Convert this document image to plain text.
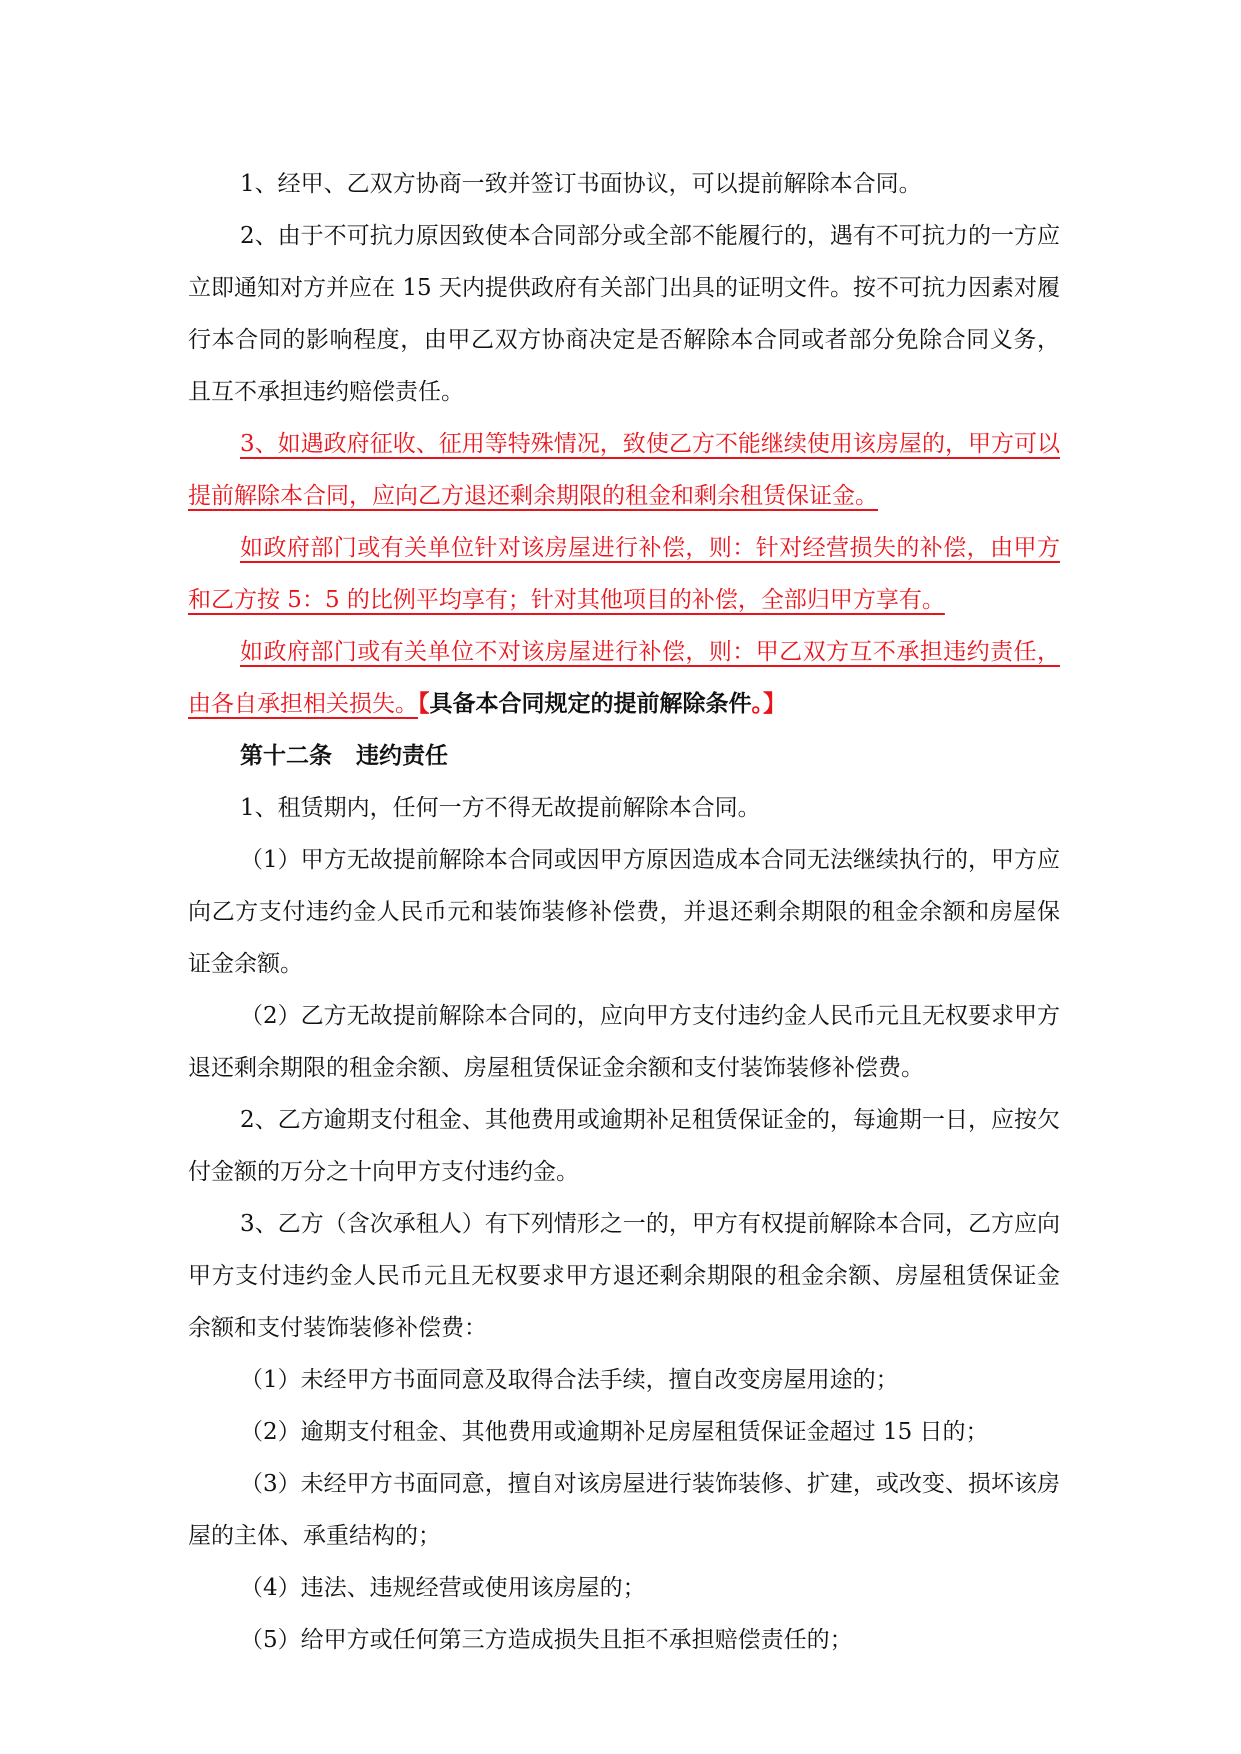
1、经甲、乙双方协商一致并签订书面协议，可以提前解除本合同。

2、由于不可抗力原因致使本合同部分或全部不能履行的，遇有不可抗力的一方应立即通知对方并应在 15 天内提供政府有关部门出具的证明文件。按不可抗力因素对履行本合同的影响程度，由甲乙双方协商决定是否解除本合同或者部分免除合同义务，且互不承担违约赔偿责任。

3、如遇政府征收、征用等特殊情况，致使乙方不能继续使用该房屋的，甲方可以提前解除本合同，应向乙方退还剩余期限的租金和剩余租赁保证金。

如政府部门或有关单位针对该房屋进行补偿，则：针对经营损失的补偿，由甲方和乙方按 5：5 的比例平均享有；针对其他项目的补偿，全部归甲方享有。

如政府部门或有关单位不对该房屋进行补偿，则：甲乙双方互不承担违约责任，由各自承担相关损失。【具备本合同规定的提前解除条件。】

第十二条 违约责任

1、租赁期内，任何一方不得无故提前解除本合同。

（1）甲方无故提前解除本合同或因甲方原因造成本合同无法继续执行的，甲方应向乙方支付违约金人民币元和装饰装修补偿费，并退还剩余期限的租金余额和房屋保证金余额。

（2）乙方无故提前解除本合同的，应向甲方支付违约金人民币元且无权要求甲方退还剩余期限的租金余额、房屋租赁保证金余额和支付装饰装修补偿费。

2、乙方逾期支付租金、其他费用或逾期补足租赁保证金的，每逾期一日，应按欠付金额的万分之十向甲方支付违约金。

3、乙方（含次承租人）有下列情形之一的，甲方有权提前解除本合同，乙方应向甲方支付违约金人民币元且无权要求甲方退还剩余期限的租金余额、房屋租赁保证金余额和支付装饰装修补偿费：

（1）未经甲方书面同意及取得合法手续，擅自改变房屋用途的；

（2）逾期支付租金、其他费用或逾期补足房屋租赁保证金超过 15 日的；

（3）未经甲方书面同意，擅自对该房屋进行装饰装修、扩建，或改变、损坏该房屋的主体、承重结构的；

（4）违法、违规经营或使用该房屋的；

（5）给甲方或任何第三方造成损失且拒不承担赔偿责任的；
